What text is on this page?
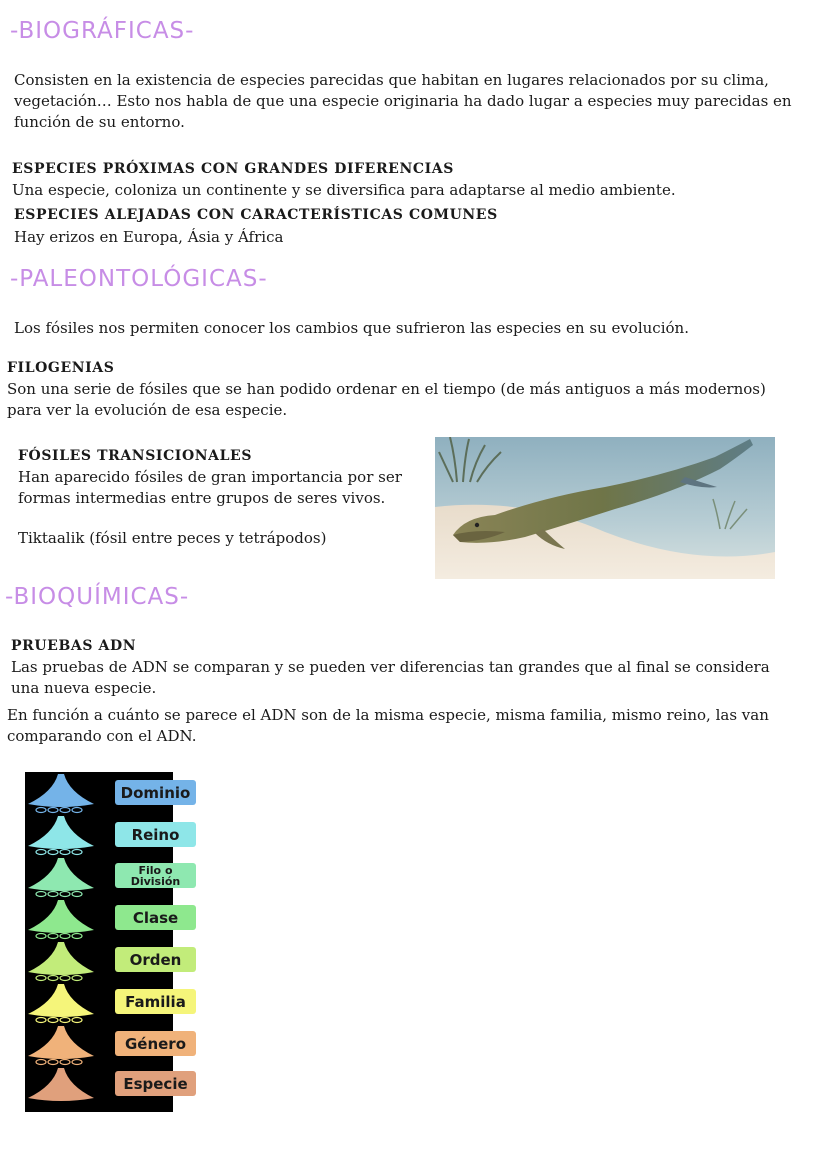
-BIOGRÁFICAS-
Consisten en la existencia de especies parecidas que habitan en lugares relacionados por su clima, vegetación… Esto nos habla de que una especie originaria ha dado lugar a especies muy parecidas en función de su entorno.
ESPECIES PRÓXIMAS CON GRANDES DIFERENCIAS
Una especie, coloniza un continente y se diversifica para adaptarse al medio ambiente.
ESPECIES ALEJADAS CON CARACTERÍSTICAS COMUNES
Hay erizos en Europa, Ásia y África
-PALEONTOLÓGICAS-
Los fósiles nos permiten conocer los cambios que sufrieron las especies en su evolución.
FILOGENIAS
Son una serie de fósiles que se han podido ordenar en el tiempo (de más antiguos a más modernos) para ver la evolución de esa especie.
FÓSILES TRANSICIONALES
Han aparecido fósiles de gran importancia por ser formas intermedias entre grupos de seres vivos.
Tiktaalik (fósil entre peces y tetrápodos)
-BIOQUÍMICAS-
PRUEBAS ADN
Las pruebas de ADN se comparan y se pueden ver diferencias tan grandes que al final se considera una nueva especie.
En función a cuánto se parece el ADN son de la misma especie, misma familia, mismo reino, las van comparando con el ADN.
Dominio
Reino
Filo o División
Clase
Orden
Familia
Género
Especie
